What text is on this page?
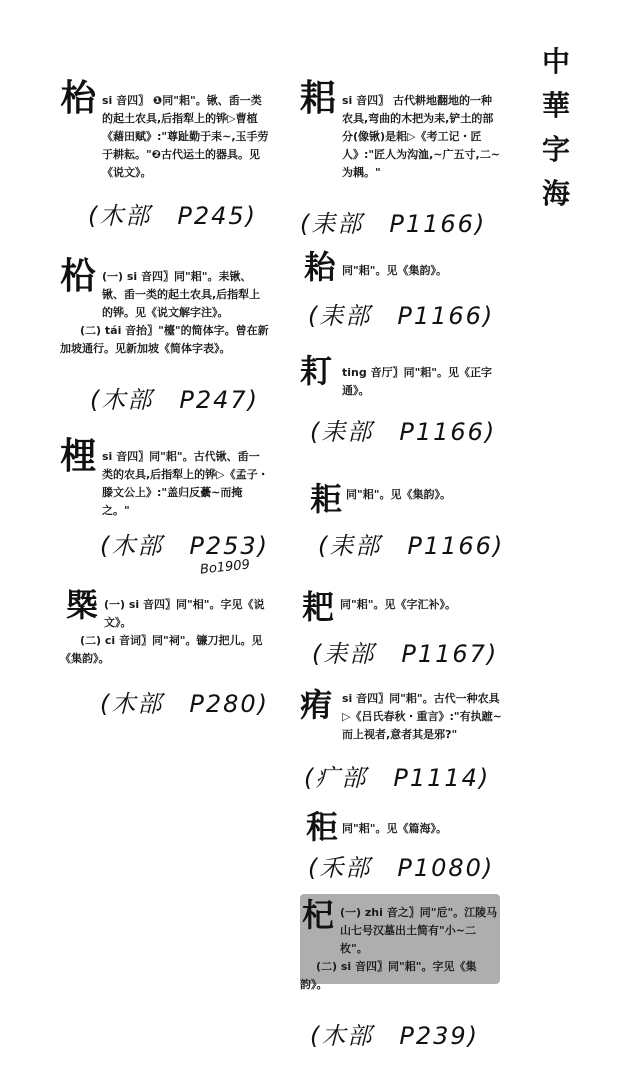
中
華
字
海
枱 si 音四〗 ❶同"耜"。锹、臿一类的起土农具,后指犁上的铧▷曹植《藉田赋》:"尊趾勤于耒~,玉手劳于耕耘。"❷古代运土的器具。见《说文》。
(木部　P245)
柗 (一) si 音四〗同"耜"。耒锹、锹、臿一类的起土农具,后指犁上的铧。见《说文解字注》。
(二) tái 音抬〗"檯"的简体字。曾在新加坡通行。见新加坡《简体字表》。
(木部　P247)
梩 si 音四〗同"耜"。古代锹、臿一类的农具,后指犁上的铧▷《孟子・滕文公上》:"盖归反虆~而掩之。"
(木部　P253)
Bo1909
槩 (一) si 音四〗同"相"。字见《说文》。
(二) ci 音词〗同"祠"。镰刀把儿。见《集韵》。
(木部　P280)
耜 si 音四〗 古代耕地翻地的一种农具,弯曲的木把为耒,铲土的部分(像锹)是耜▷《考工记・匠人》:"匠人为沟洫,~广五寸,二~为耦。"
(耒部　P1166)
耛 同"耜"。见《集韵》。
(耒部　P1166)
耓 ting 音厅〗同"耜"。见《正字通》。
(耒部　P1166)
耟 同"耜"。见《集韵》。
(耒部　P1166)
耙 同"耜"。见《字汇补》。
(耒部　P1167)
痏 si 音四〗同"耜"。古代一种农具▷《吕氏春秋・重言》:"有执蹠~而上视者,意者其是邪?"
(疒部　P1114)
秬 同"耜"。见《篇海》。
(禾部　P1080)
杞 (一) zhi 音之〗同"卮"。江陵马山七号汉墓出土简有"小~二枚"。
(二) si 音四〗同"耜"。字见《集韵》。
(木部　P239)
